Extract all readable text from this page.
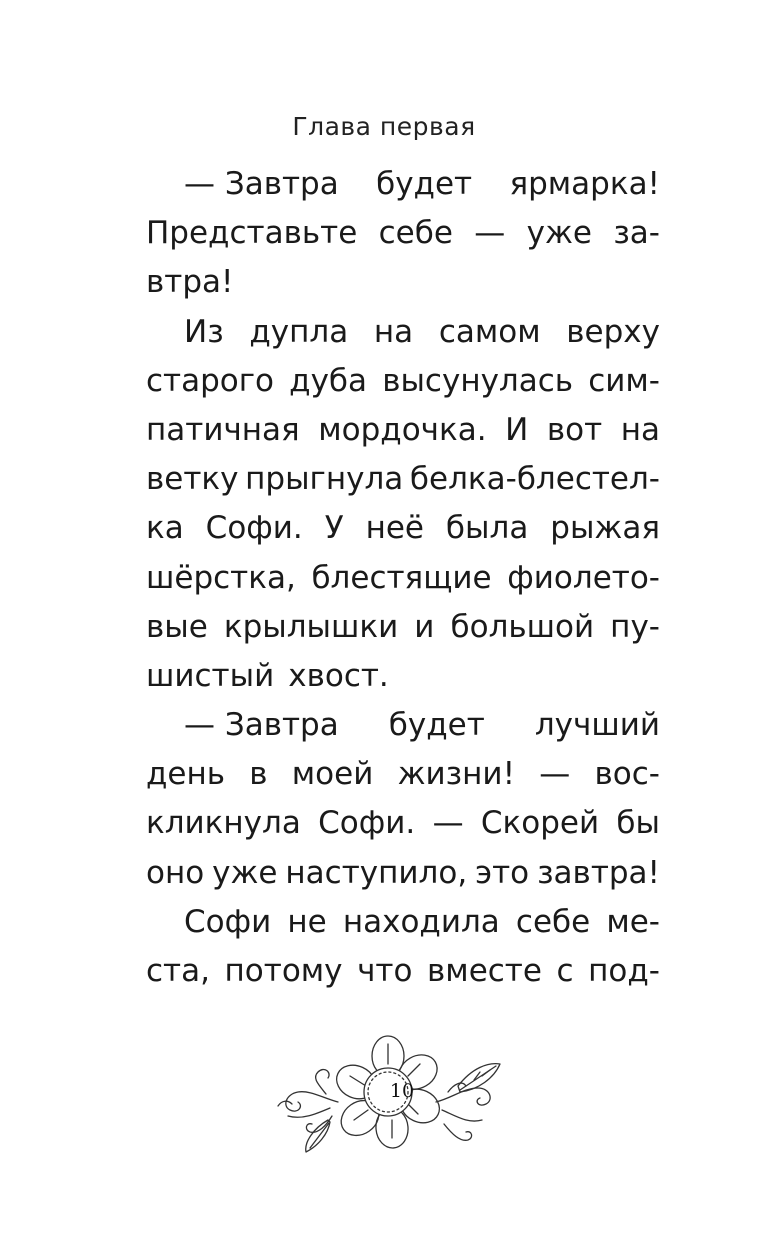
Глава первая
— Завтра будет ярмарка!
Представьте себе — уже за-
втра!
Из дупла на самом верху
старого дуба высунулась сим-
патичная мордочка. И вот на
ветку прыгнула белка-блестел-
ка Софи. У неё была рыжая
шёрстка, блестящие фиолето-
вые крылышки и большой пу-
шистый хвост.
— Завтра будет лучший
день в моей жизни! — вос-
кликнула Софи. — Скорей бы
оно уже наступило, это завтра!
Софи не находила себе ме-
ста, потому что вместе с под-
10
